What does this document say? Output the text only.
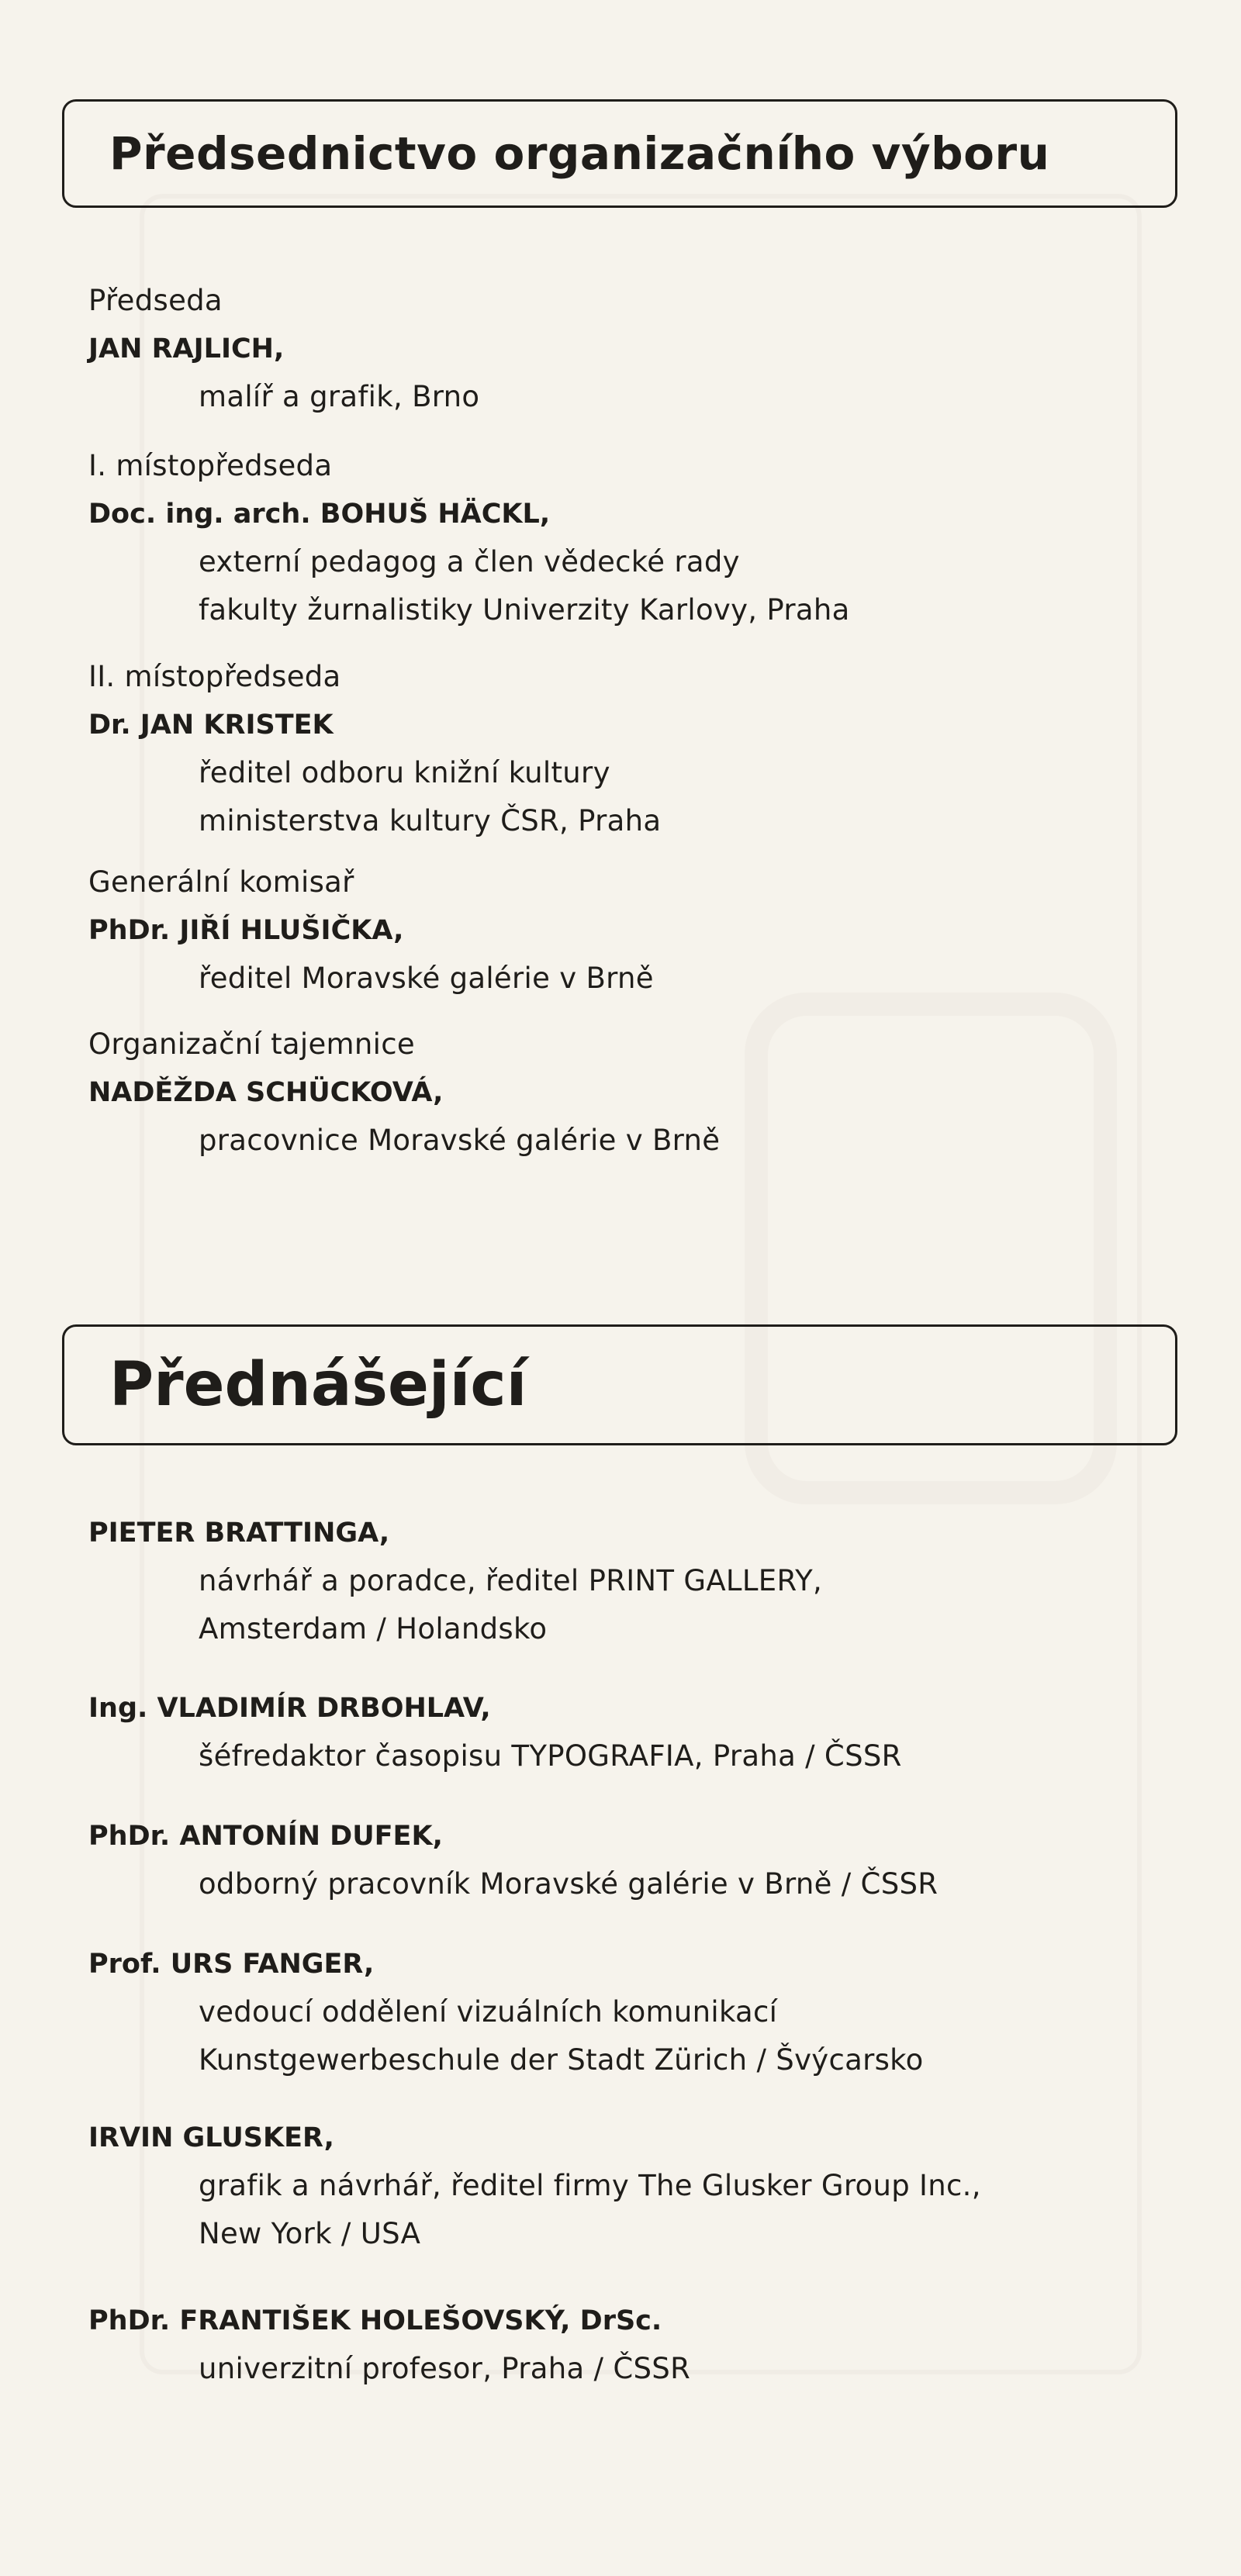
Předsednictvo organizačního výboru
Předseda
JAN RAJLICH,
malíř a grafik, Brno
I. místopředseda
Doc. ing. arch. BOHUŠ HÄCKL,
externí pedagog a člen vědecké rady
fakulty žurnalistiky Univerzity Karlovy, Praha
II. místopředseda
Dr. JAN KRISTEK
ředitel odboru knižní kultury
ministerstva kultury ČSR, Praha
Generální komisař
PhDr. JIŘÍ HLUŠIČKA,
ředitel Moravské galérie v Brně
Organizační tajemnice
NADĚŽDA SCHÜCKOVÁ,
pracovnice Moravské galérie v Brně
Přednášející
PIETER BRATTINGA,
návrhář a poradce, ředitel PRINT GALLERY,
Amsterdam / Holandsko
Ing. VLADIMÍR DRBOHLAV,
šéfredaktor časopisu TYPOGRAFIA, Praha / ČSSR
PhDr. ANTONÍN DUFEK,
odborný pracovník Moravské galérie v Brně / ČSSR
Prof. URS FANGER,
vedoucí oddělení vizuálních komunikací
Kunstgewerbeschule der Stadt Zürich / Švýcarsko
IRVIN GLUSKER,
grafik a návrhář, ředitel firmy The Glusker Group Inc.,
New York / USA
PhDr. FRANTIŠEK HOLEŠOVSKÝ, DrSc.
univerzitní profesor, Praha / ČSSR
